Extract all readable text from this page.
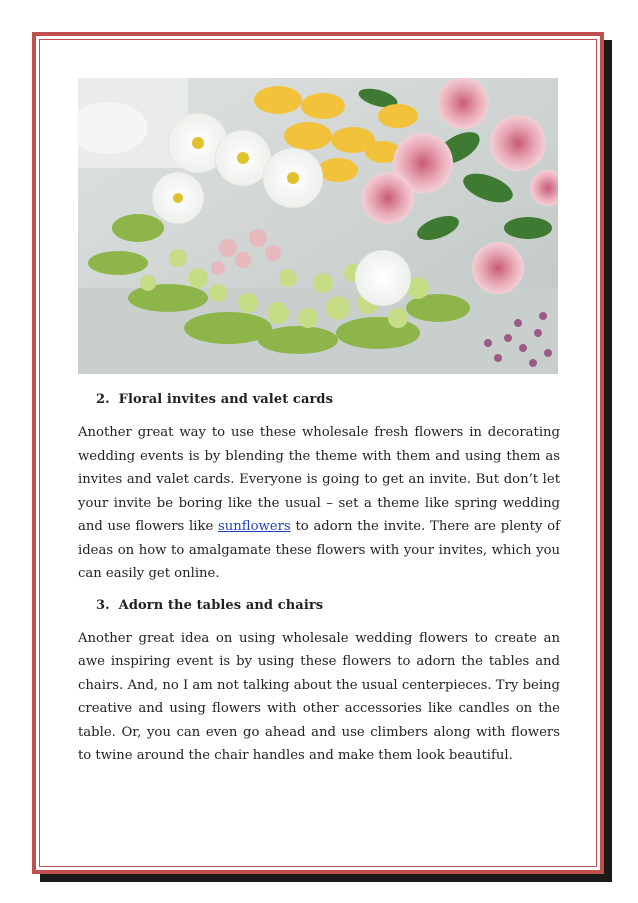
2. Floral invites and valet cards

Another great way to use these wholesale fresh flowers in decorating wedding events is by blending the theme with them and using them as invites and valet cards. Everyone is going to get an invite. But don’t let your invite be boring like the usual – set a theme like spring wedding and use flowers like sunflowers to adorn the invite. There are plenty of ideas on how to amalgamate these flowers with your invites, which you can easily get online.

3. Adorn the tables and chairs

Another great idea on using wholesale wedding flowers to create an awe inspiring event is by using these flowers to adorn the tables and chairs. And, no I am not talking about the usual centerpieces. Try being creative and using flowers with other accessories like candles on the table. Or, you can even go ahead and use climbers along with flowers to twine around the chair handles and make them look beautiful.
